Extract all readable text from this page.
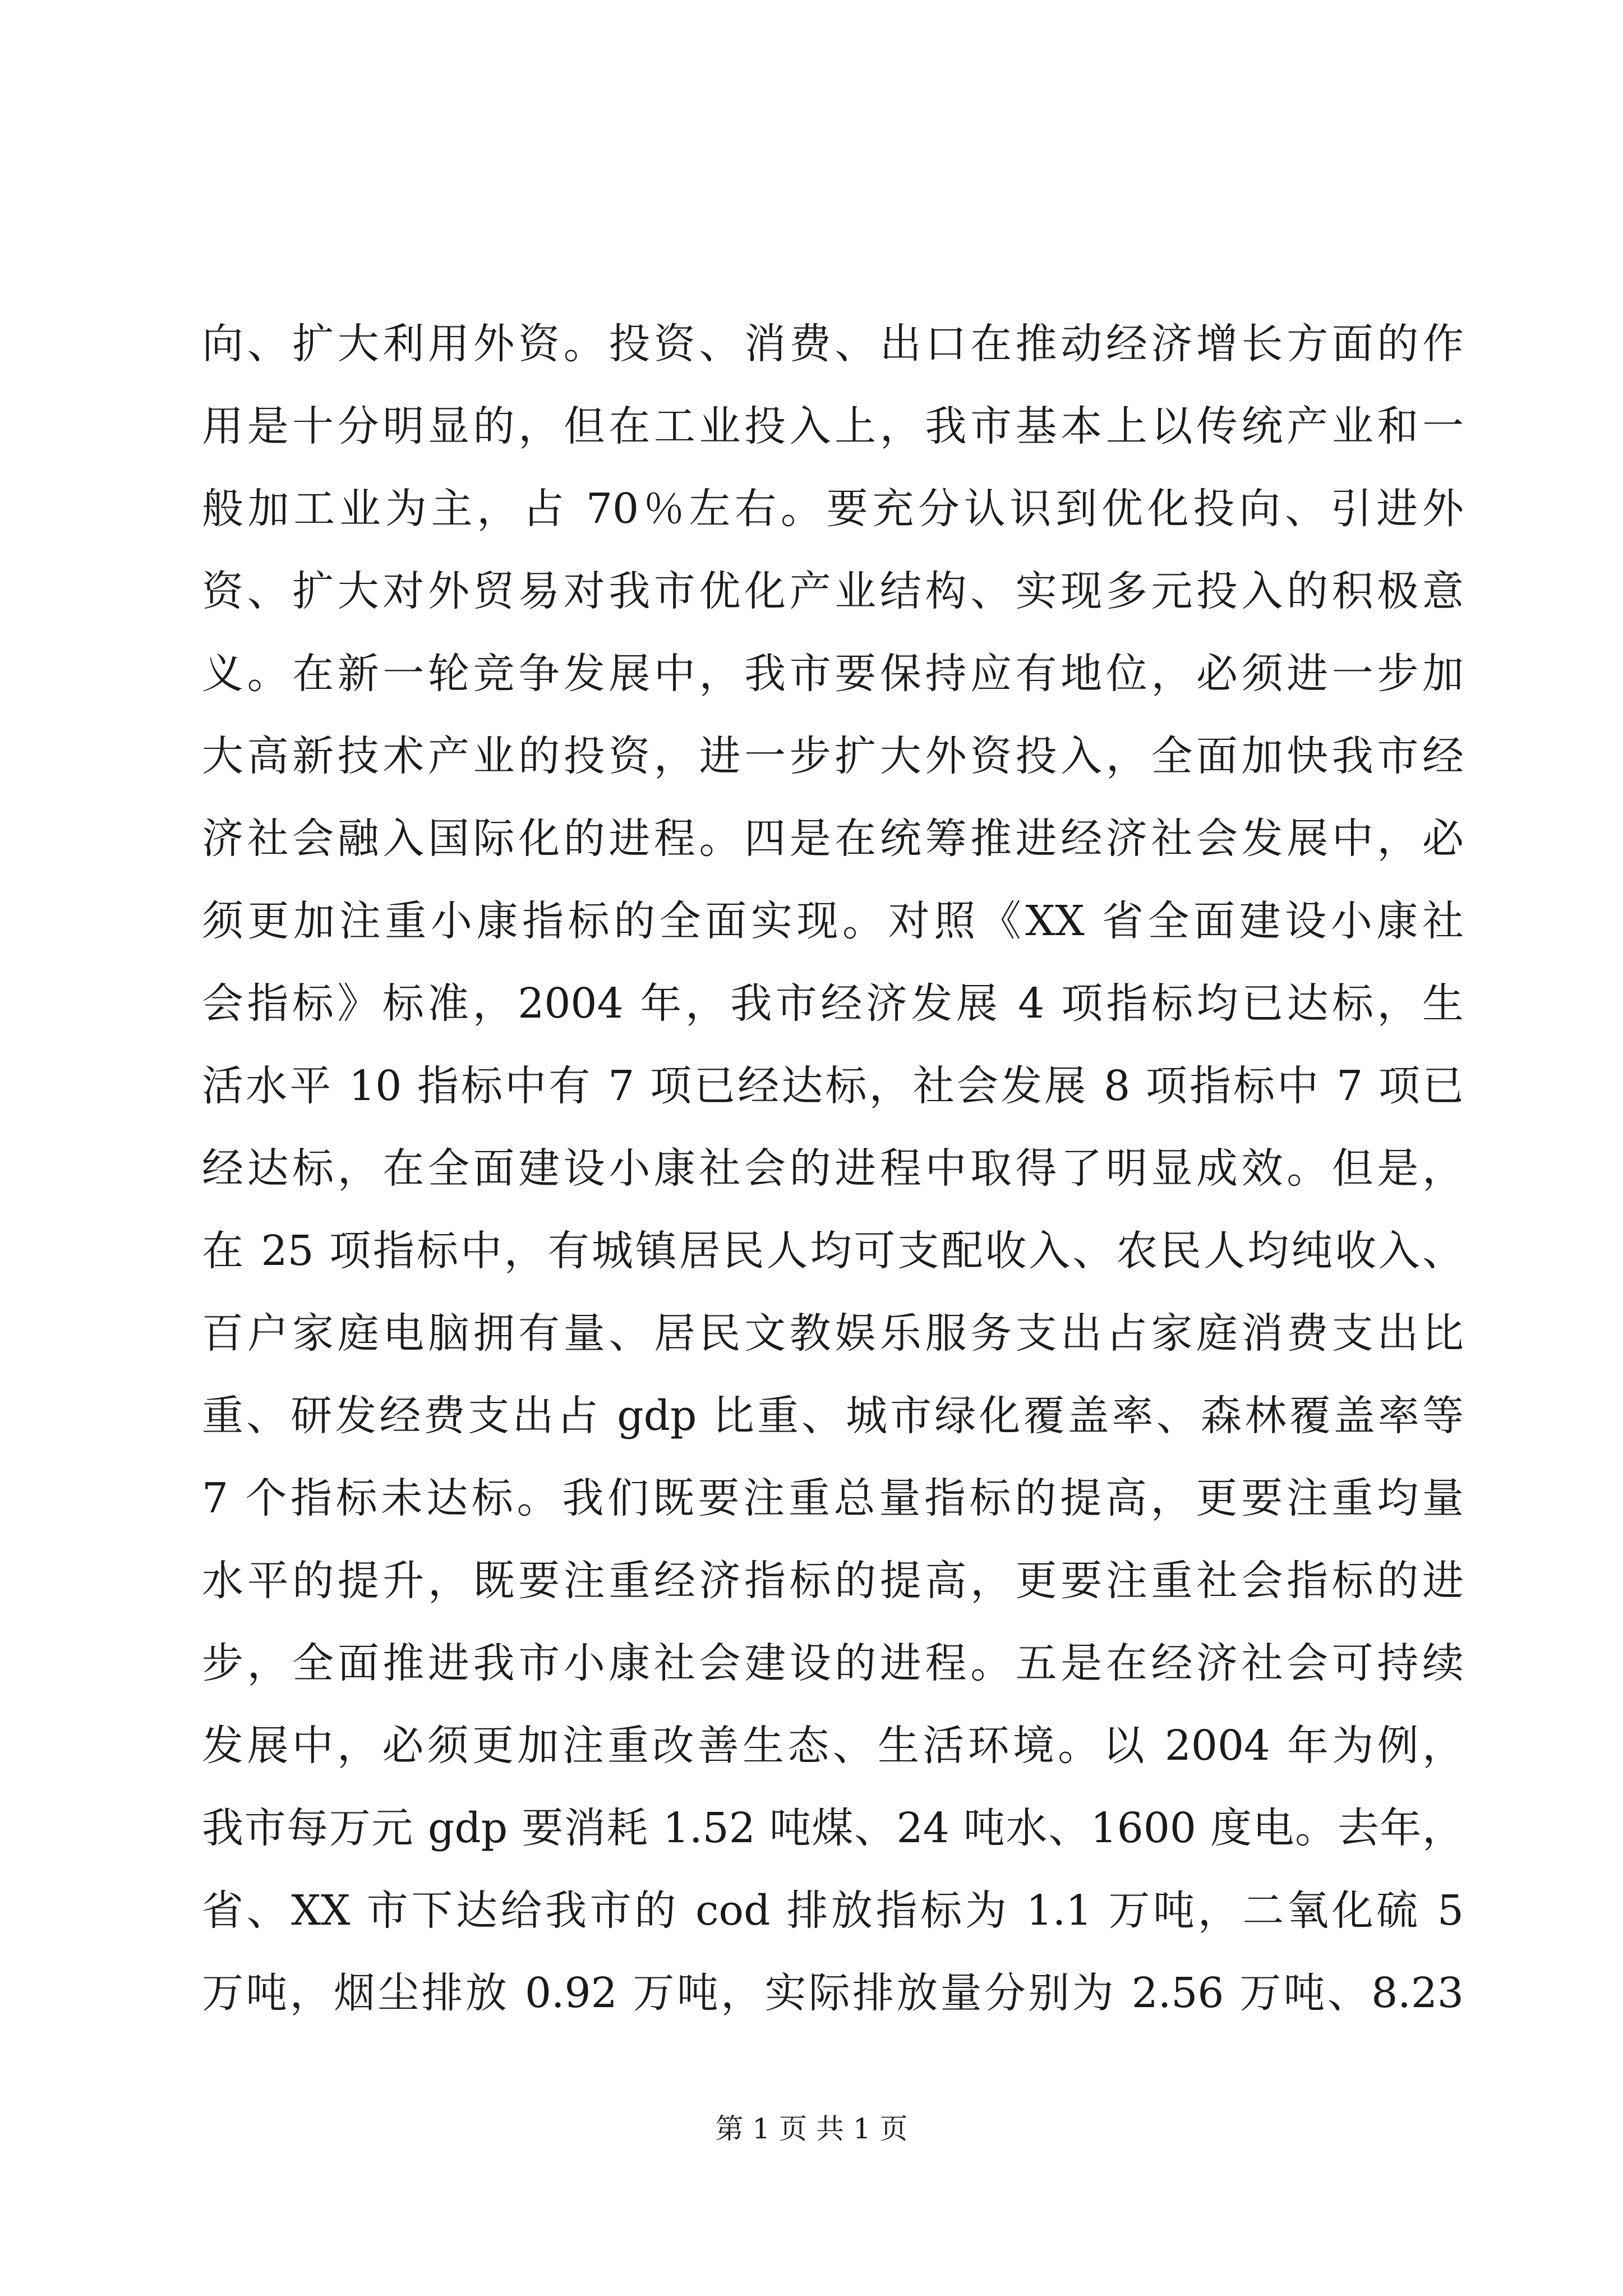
向、扩大利用外资。投资、消费、出口在推动经济增长方面的作
用是十分明显的，但在工业投入上，我市基本上以传统产业和一
般加工业为主，占 70％左右。要充分认识到优化投向、引进外
资、扩大对外贸易对我市优化产业结构、实现多元投入的积极意
义。在新一轮竞争发展中，我市要保持应有地位，必须进一步加
大高新技术产业的投资，进一步扩大外资投入，全面加快我市经
济社会融入国际化的进程。四是在统筹推进经济社会发展中，必
须更加注重小康指标的全面实现。对照《XX 省全面建设小康社
会指标》标准，2004 年，我市经济发展 4 项指标均已达标，生
活水平 10 指标中有 7 项已经达标，社会发展 8 项指标中 7 项已
经达标，在全面建设小康社会的进程中取得了明显成效。但是，
在 25 项指标中，有城镇居民人均可支配收入、农民人均纯收入、
百户家庭电脑拥有量、居民文教娱乐服务支出占家庭消费支出比
重、研发经费支出占 gdp 比重、城市绿化覆盖率、森林覆盖率等
7 个指标未达标。我们既要注重总量指标的提高，更要注重均量
水平的提升，既要注重经济指标的提高，更要注重社会指标的进
步，全面推进我市小康社会建设的进程。五是在经济社会可持续
发展中，必须更加注重改善生态、生活环境。以 2004 年为例，
我市每万元 gdp 要消耗 1.52 吨煤、24 吨水、1600 度电。去年，
省、XX 市下达给我市的 cod 排放指标为 1.1 万吨，二氧化硫 5
万吨，烟尘排放 0.92 万吨，实际排放量分别为 2.56 万吨、8.23
第 1 页 共 1 页
